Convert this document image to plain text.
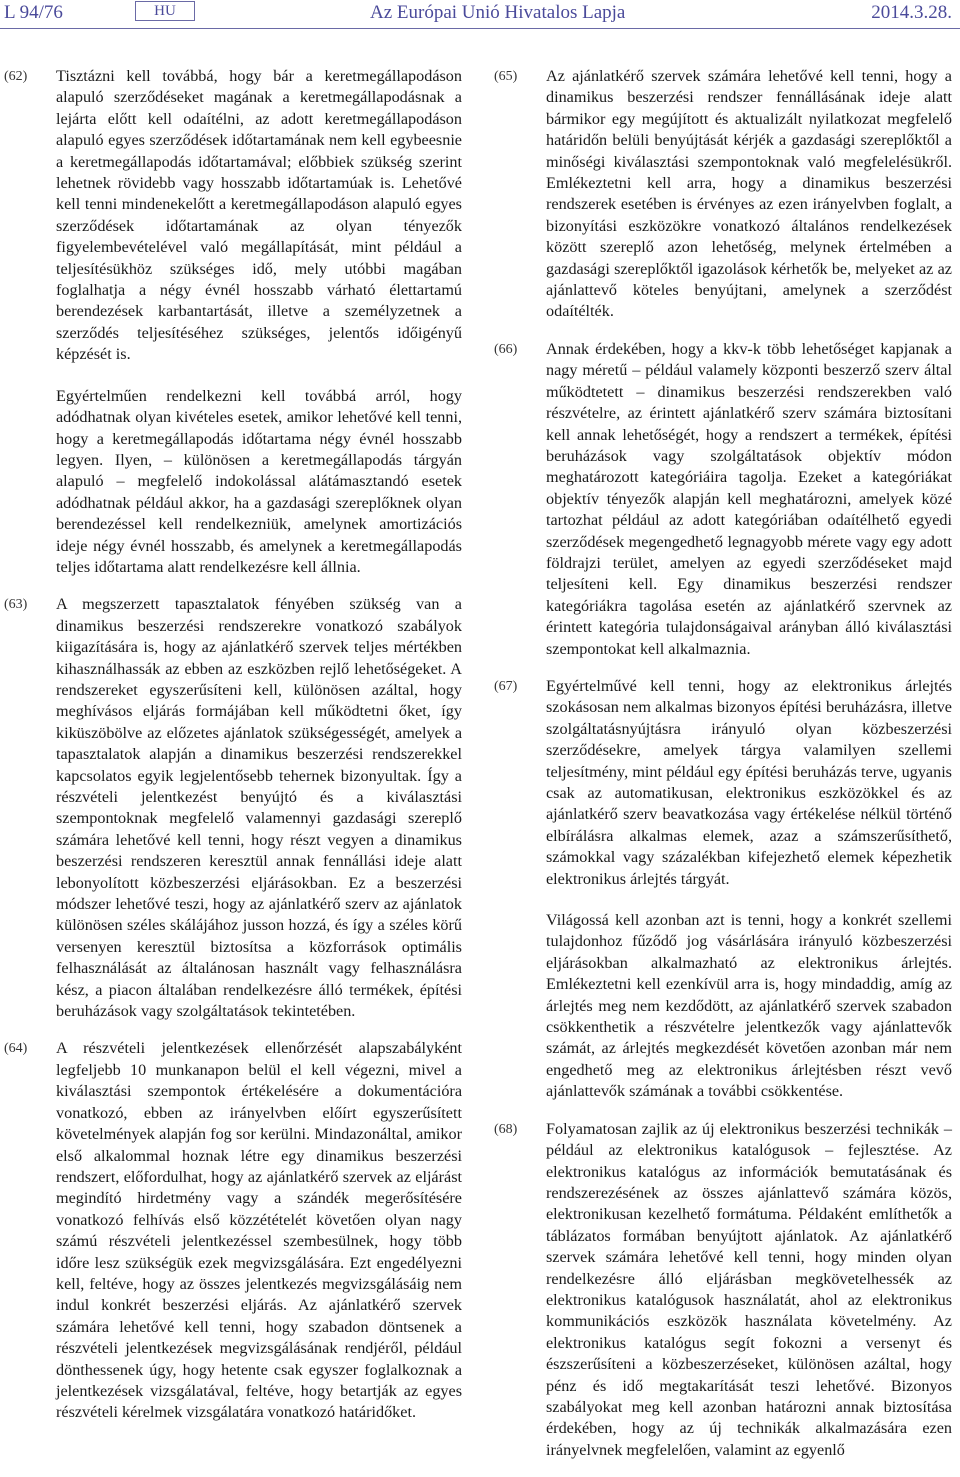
L 94/76	HU	Az Európai Unió Hivatalos Lapja	2014.3.28.
(62)	Tisztázni kell továbbá, hogy bár a keretmegállapodáson alapuló szerződéseket magának a keretmegállapodásnak a lejárta előtt kell odaítélni, az adott keretmegállapodáson alapuló egyes szerződések időtartamának nem kell egybeesnie a keretmegállapodás időtartamával; előbbiek szükség szerint lehetnek rövidebb vagy hosszabb időtartamúak is. Lehetővé kell tenni mindenekelőtt a keretmegállapodáson alapuló egyes szerződések időtartamának az olyan tényezők figyelembevételével való megállapítását, mint például a teljesítésükhöz szükséges idő, mely utóbbi magában foglalhatja a négy évnél hosszabb várható élettartamú berendezések karbantartását, illetve a személyzetnek a szerződés teljesítéséhez szükséges, jelentős időigényű képzését is.

Egyértelműen rendelkezni kell továbbá arról, hogy adódhatnak olyan kivételes esetek, amikor lehetővé kell tenni, hogy a keretmegállapodás időtartama négy évnél hosszabb legyen. Ilyen, – különösen a keretmegállapodás tárgyán alapuló – megfelelő indokolással alátámasztandó esetek adódhatnak például akkor, ha a gazdasági szereplőknek olyan berendezéssel kell rendelkezniük, amelynek amortizációs ideje négy évnél hosszabb, és amelynek a keretmegállapodás teljes időtartama alatt rendelkezésre kell állnia.

(63)	A megszerzett tapasztalatok fényében szükség van a dinamikus beszerzési rendszerekre vonatkozó szabályok kiigazítására is, hogy az ajánlatkérő szervek teljes mértékben kihasználhassák az ebben az eszközben rejlő lehetőségeket. A rendszereket egyszerűsíteni kell, különösen azáltal, hogy meghívásos eljárás formájában kell működtetni őket, így kiküszöbölve az előzetes ajánlatok szükségességét, amelyek a tapasztalatok alapján a dinamikus beszerzési rendszerekkel kapcsolatos egyik legjelentősebb tehernek bizonyultak. Így a részvételi jelentkezést benyújtó és a kiválasztási szempontoknak megfelelő valamennyi gazdasági szereplő számára lehetővé kell tenni, hogy részt vegyen a dinamikus beszerzési rendszeren keresztül annak fennállási ideje alatt lebonyolított közbeszerzési eljárásokban. Ez a beszerzési módszer lehetővé teszi, hogy az ajánlatkérő szerv az ajánlatok különösen széles skálájához jusson hozzá, és így a széles körű versenyen keresztül biztosítsa a közforrások optimális felhasználását az általánosan használt vagy felhasználásra kész, a piacon általában rendelkezésre álló termékek, építési beruházások vagy szolgáltatások tekintetében.

(64)	A részvételi jelentkezések ellenőrzését alapszabályként legfeljebb 10 munkanapon belül el kell végezni, mivel a kiválasztási szempontok értékelésére a dokumentációra vonatkozó, ebben az irányelvben előírt egyszerűsített követelmények alapján fog sor kerülni. Mindazonáltal, amikor első alkalommal hoznak létre egy dinamikus beszerzési rendszert, előfordulhat, hogy az ajánlatkérő szervek az eljárást megindító hirdetmény vagy a szándék megerősítésére vonatkozó felhívás első közzétételét követően olyan nagy számú részvételi jelentkezéssel szembesülnek, hogy több időre lesz szükségük ezek megvizsgálására. Ezt engedélyezni kell, feltéve, hogy az összes jelentkezés megvizsgálásáig nem indul konkrét beszerzési eljárás. Az ajánlatkérő szervek számára lehetővé kell tenni, hogy szabadon döntsenek a részvételi jelentkezések megvizsgálásának rendjéről, például dönthessenek úgy, hogy hetente csak egyszer foglalkoznak a jelentkezések vizsgálatával, feltéve, hogy betartják az egyes részvételi kérelmek vizsgálatára vonatkozó határidőket.

(65)	Az ajánlatkérő szervek számára lehetővé kell tenni, hogy a dinamikus beszerzési rendszer fennállásának ideje alatt bármikor egy megújított és aktualizált nyilatkozat megfelelő határidőn belüli benyújtását kérjék a gazdasági szereplőktől a minőségi kiválasztási szempontoknak való megfelelésükről. Emlékeztetni kell arra, hogy a dinamikus beszerzési rendszerek esetében is érvényes az ezen irányelvben foglalt, a bizonyítási eszközökre vonatkozó általános rendelkezések között szereplő azon lehetőség, melynek értelmében a gazdasági szereplőktől igazolások kérhetők be, melyeket az az ajánlattevő köteles benyújtani, amelynek a szerződést odaítélték.

(66)	Annak érdekében, hogy a kkv-k több lehetőséget kapjanak a nagy méretű – például valamely központi beszerző szerv által működtetett – dinamikus beszerzési rendszerekben való részvételre, az érintett ajánlatkérő szerv számára biztosítani kell annak lehetőségét, hogy a rendszert a termékek, építési beruházások vagy szolgáltatások objektív módon meghatározott kategóriáira tagolja. Ezeket a kategóriákat objektív tényezők alapján kell meghatározni, amelyek közé tartozhat például az adott kategóriában odaítélhető egyedi szerződések megengedhető legnagyobb mérete vagy egy adott földrajzi terület, amelyen az egyedi szerződéseket majd teljesíteni kell. Egy dinamikus beszerzési rendszer kategóriákra tagolása esetén az ajánlatkérő szervnek az érintett kategória tulajdonságaival arányban álló kiválasztási szempontokat kell alkalmaznia.

(67)	Egyértelművé kell tenni, hogy az elektronikus árlejtés szokásosan nem alkalmas bizonyos építési beruházásra, illetve szolgáltatásnyújtásra irányuló olyan közbeszerzési szerződésekre, amelyek tárgya valamilyen szellemi teljesítmény, mint például egy építési beruházás terve, ugyanis csak az automatikusan, elektronikus eszközökkel és az ajánlatkérő szerv beavatkozása vagy értékelése nélkül történő elbírálásra alkalmas elemek, azaz a számszerűsíthető, számokkal vagy százalékban kifejezhető elemek képezhetik elektronikus árlejtés tárgyát.

Világossá kell azonban azt is tenni, hogy a konkrét szellemi tulajdonhoz fűződő jog vásárlására irányuló közbeszerzési eljárásokban alkalmazható az elektronikus árlejtés. Emlékeztetni kell ezenkívül arra is, hogy mindaddig, amíg az árlejtés meg nem kezdődött, az ajánlatkérő szervek szabadon csökkenthetik a részvételre jelentkezők vagy ajánlattevők számát, az árlejtés megkezdését követően azonban már nem engedhető meg az elektronikus árlejtésben részt vevő ajánlattevők számának a további csökkentése.

(68)	Folyamatosan zajlik az új elektronikus beszerzési technikák – például az elektronikus katalógusok – fejlesztése. Az elektronikus katalógus az információk bemutatásának és rendszerezésének az összes ajánlattevő számára közös, elektronikusan kezelhető formátuma. Példaként említhetők a táblázatos formában benyújtott ajánlatok. Az ajánlatkérő szervek számára lehetővé kell tenni, hogy minden olyan rendelkezésre álló eljárásban megkövetelhessék az elektronikus katalógusok használatát, ahol az elektronikus kommunikációs eszközök használata követelmény. Az elektronikus katalógus segít fokozni a versenyt és észszerűsíteni a közbeszerzéseket, különösen azáltal, hogy pénz és idő megtakarítását teszi lehetővé. Bizonyos szabályokat meg kell azonban határozni annak biztosítása érdekében, hogy az új technikák alkalmazására ezen irányelvnek megfelelően, valamint az egyenlő
